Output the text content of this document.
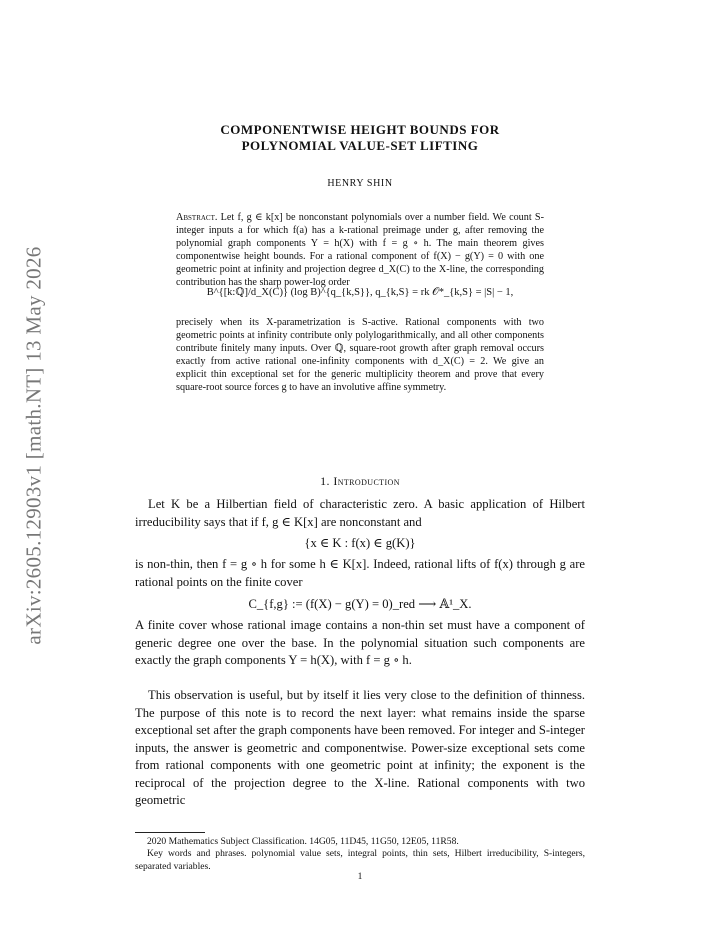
arXiv:2605.12903v1 [math.NT] 13 May 2026
COMPONENTWISE HEIGHT BOUNDS FOR
POLYNOMIAL VALUE-SET LIFTING
HENRY SHIN

Abstract. Let f, g ∈ k[x] be nonconstant polynomials over a number field. We count S-integer inputs a for which f(a) has a k-rational preimage under g, after removing the polynomial graph components Y = h(X) with f = g ∘ h. The main theorem gives componentwise height bounds. For a rational component of f(X) − g(Y) = 0 with one geometric point at infinity and projection degree d_X(C) to the X-line, the corresponding contribution has the sharp power-log order

B^{[k:ℚ]/d_X(C)} (log B)^{q_{k,S}}, q_{k,S} = rk 𝒪*_{k,S} = |S| − 1,

precisely when its X-parametrization is S-active. Rational components with two geometric points at infinity contribute only polylogarithmically, and all other components contribute finitely many inputs. Over ℚ, square-root growth after graph removal occurs exactly from active rational one-infinity components with d_X(C) = 2. We give an explicit thin exceptional set for the generic multiplicity theorem and prove that every square-root source forces g to have an involutive affine symmetry.

1. Introduction

Let K be a Hilbertian field of characteristic zero. A basic application of Hilbert irreducibility says that if f, g ∈ K[x] are nonconstant and

{x ∈ K : f(x) ∈ g(K)}

is non-thin, then f = g ∘ h for some h ∈ K[x]. Indeed, rational lifts of f(x) through g are rational points on the finite cover

C_{f,g} := (f(X) − g(Y) = 0)_red ⟶ 𝔸¹_X.

A finite cover whose rational image contains a non-thin set must have a component of generic degree one over the base. In the polynomial situation such components are exactly the graph components Y = h(X), with f = g ∘ h.

This observation is useful, but by itself it lies very close to the definition of thinness. The purpose of this note is to record the next layer: what remains inside the sparse exceptional set after the graph components have been removed. For integer and S-integer inputs, the answer is geometric and componentwise. Power-size exceptional sets come from rational components with one geometric point at infinity; the exponent is the reciprocal of the projection degree to the X-line. Rational components with two geometric

2020 Mathematics Subject Classification. 14G05, 11D45, 11G50, 12E05, 11R58.

Key words and phrases. polynomial value sets, integral points, thin sets, Hilbert irreducibility, S-integers, separated variables.

1
